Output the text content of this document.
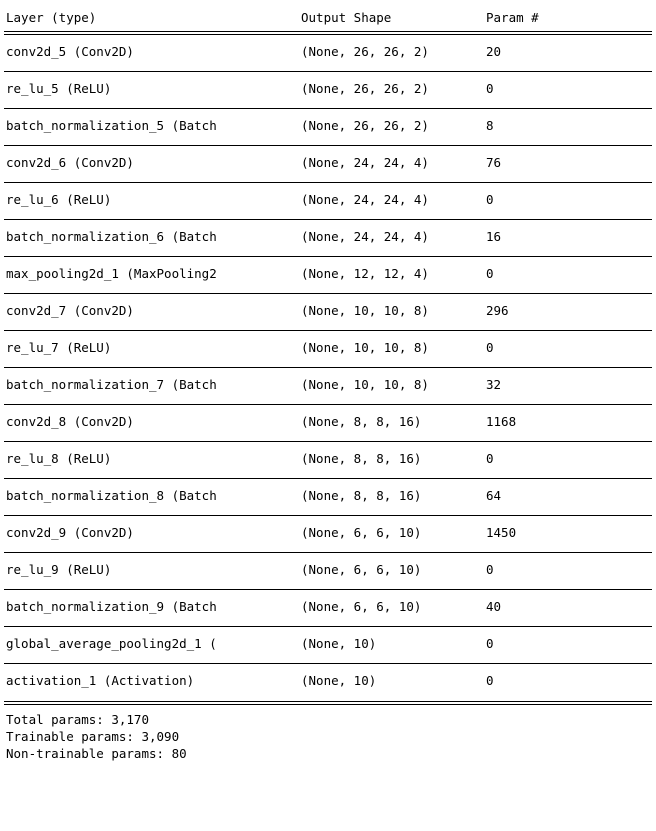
Layer (type)	Output Shape	Param #
conv2d_5 (Conv2D)	(None, 26, 26, 2)	20
re_lu_5 (ReLU)	(None, 26, 26, 2)	0
batch_normalization_5 (Batch	(None, 26, 26, 2)	8
conv2d_6 (Conv2D)	(None, 24, 24, 4)	76
re_lu_6 (ReLU)	(None, 24, 24, 4)	0
batch_normalization_6 (Batch	(None, 24, 24, 4)	16
max_pooling2d_1 (MaxPooling2	(None, 12, 12, 4)	0
conv2d_7 (Conv2D)	(None, 10, 10, 8)	296
re_lu_7 (ReLU)	(None, 10, 10, 8)	0
batch_normalization_7 (Batch	(None, 10, 10, 8)	32
conv2d_8 (Conv2D)	(None, 8, 8, 16)	1168
re_lu_8 (ReLU)	(None, 8, 8, 16)	0
batch_normalization_8 (Batch	(None, 8, 8, 16)	64
conv2d_9 (Conv2D)	(None, 6, 6, 10)	1450
re_lu_9 (ReLU)	(None, 6, 6, 10)	0
batch_normalization_9 (Batch	(None, 6, 6, 10)	40
global_average_pooling2d_1 (	(None, 10)	0
activation_1 (Activation)	(None, 10)	0
Total params: 3,170
Trainable params: 3,090
Non-trainable params: 80
